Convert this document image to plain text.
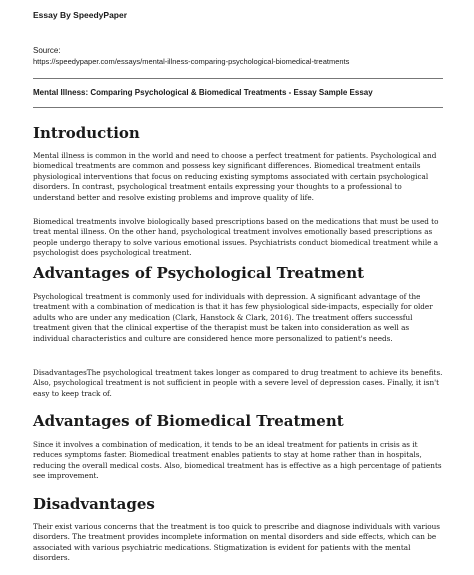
Essay By SpeedyPaper
Source:
https://speedypaper.com/essays/mental-illness-comparing-psychological-biomedical-treatments
Mental Illness: Comparing Psychological & Biomedical Treatments - Essay Sample Essay
Introduction

Mental illness is common in the world and need to choose a perfect treatment for patients. Psychological and biomedical treatments are common and possess key significant differences. Biomedical treatment entails physiological interventions that focus on reducing existing symptoms associated with certain psychological disorders. In contrast, psychological treatment entails expressing your thoughts to a professional to understand better and resolve existing problems and improve quality of life.

Biomedical treatments involve biologically based prescriptions based on the medications that must be used to treat mental illness. On the other hand, psychological treatment involves emotionally based prescriptions as people undergo therapy to solve various emotional issues. Psychiatrists conduct biomedical treatment while a psychologist does psychological treatment.

Advantages of Psychological Treatment

Psychological treatment is commonly used for individuals with depression. A significant advantage of the treatment with a combination of medication is that it has few physiological side-impacts, especially for older adults who are under any medication (Clark, Hanstock & Clark, 2016). The treatment offers successful treatment given that the clinical expertise of the therapist must be taken into consideration as well as individual characteristics and culture are considered hence more personalized to patient's needs.

DisadvantagesThe psychological treatment takes longer as compared to drug treatment to achieve its benefits. Also, psychological treatment is not sufficient in people with a severe level of depression cases. Finally, it isn't easy to keep track of.

Advantages of Biomedical Treatment

Since it involves a combination of medication, it tends to be an ideal treatment for patients in crisis as it reduces symptoms faster. Biomedical treatment enables patients to stay at home rather than in hospitals, reducing the overall medical costs. Also, biomedical treatment has is effective as a high percentage of patients see improvement.

Disadvantages

Their exist various concerns that the treatment is too quick to prescribe and diagnose individuals with various disorders. The treatment provides incomplete information on mental disorders and side effects, which can be associated with various psychiatric medications. Stigmatization is evident for patients with the mental disorders.
